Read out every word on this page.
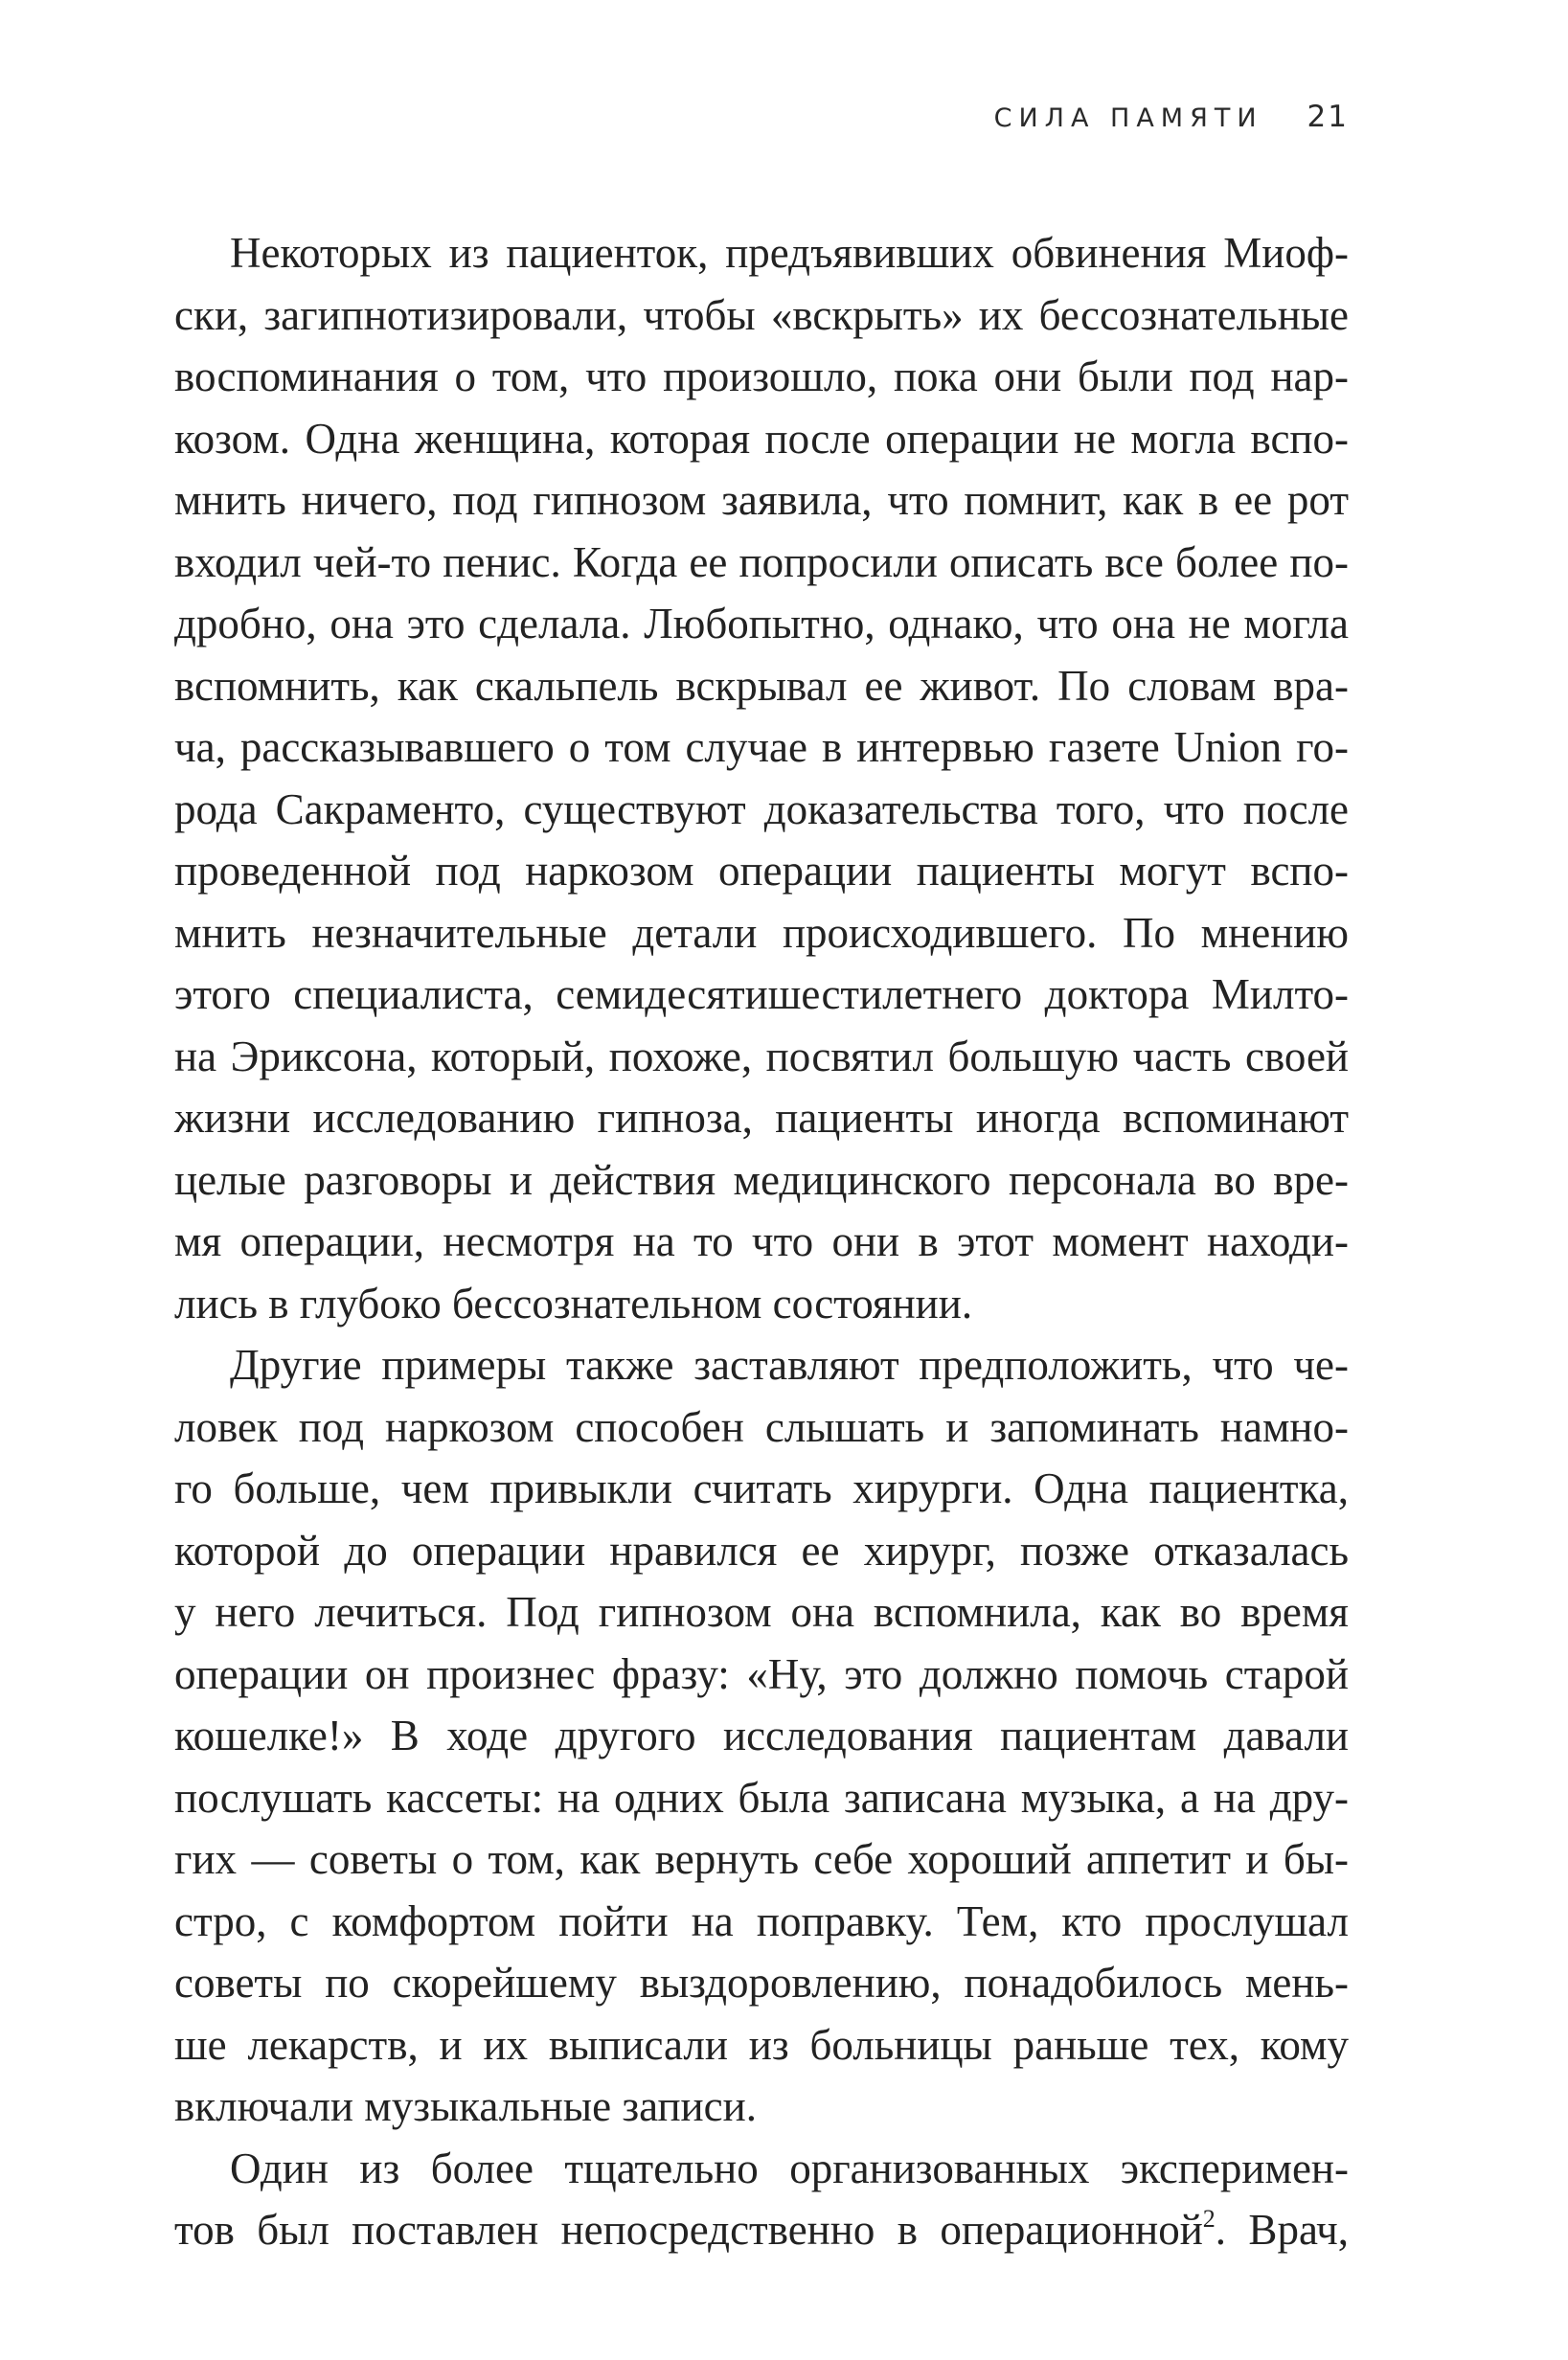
СИЛА ПАМЯТИ 21
Некоторых из пациенток, предъявивших обвинения Миоф-
ски, загипнотизировали, чтобы «вскрыть» их бессознательные
воспоминания о том, что произошло, пока они были под нар-
козом. Одна женщина, которая после операции не могла вспо-
мнить ничего, под гипнозом заявила, что помнит, как в ее рот
входил чей-то пенис. Когда ее попросили описать все более по-
дробно, она это сделала. Любопытно, однако, что она не могла
вспомнить, как скальпель вскрывал ее живот. По словам вра-
ча, рассказывавшего о том случае в интервью газете Union го-
рода Сакраменто, существуют доказательства того, что после
проведенной под наркозом операции пациенты могут вспо-
мнить незначительные детали происходившего. По мнению
этого специалиста, семидесятишестилетнего доктора Милто-
на Эриксона, который, похоже, посвятил большую часть своей
жизни исследованию гипноза, пациенты иногда вспоминают
целые разговоры и действия медицинского персонала во вре-
мя операции, несмотря на то что они в этот момент находи-
лись в глубоко бессознательном состоянии.
Другие примеры также заставляют предположить, что че-
ловек под наркозом способен слышать и запоминать намно-
го больше, чем привыкли считать хирурги. Одна пациентка,
которой до операции нравился ее хирург, позже отказалась
у него лечиться. Под гипнозом она вспомнила, как во время
операции он произнес фразу: «Ну, это должно помочь старой
кошелке!» В ходе другого исследования пациентам давали
послушать кассеты: на одних была записана музыка, а на дру-
гих — советы о том, как вернуть себе хороший аппетит и бы-
стро, с комфортом пойти на поправку. Тем, кто прослушал
советы по скорейшему выздоровлению, понадобилось мень-
ше лекарств, и их выписали из больницы раньше тех, кому
включали музыкальные записи.
Один из более тщательно организованных эксперимен-
тов был поставлен непосредственно в операционной$^2$. Врач,
